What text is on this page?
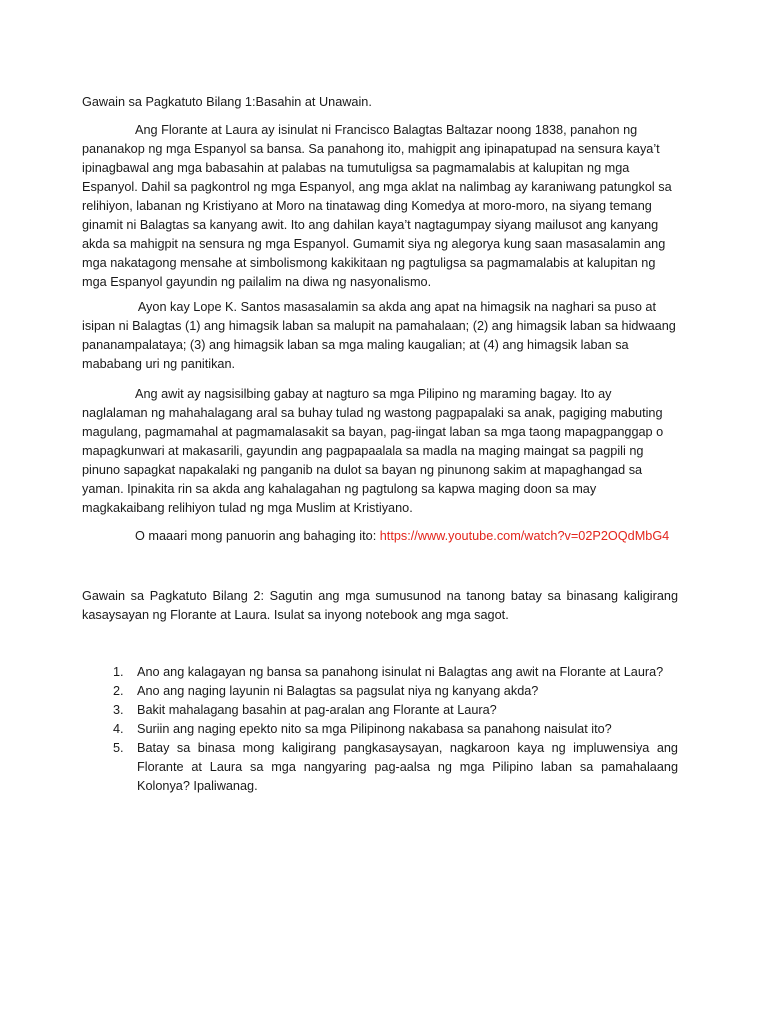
Gawain sa Pagkatuto Bilang 1:Basahin at Unawain.

Ang Florante at Laura ay isinulat ni Francisco Balagtas Baltazar noong 1838, panahon ng pananakop ng mga Espanyol sa bansa. Sa panahong ito, mahigpit ang ipinapatupad na sensura kaya’t ipinagbawal ang mga babasahin at palabas na tumutuligsa sa pagmamalabis at kalupitan ng mga Espanyol. Dahil sa pagkontrol ng mga Espanyol, ang mga aklat na nalimbag ay karaniwang patungkol sa relihiyon, labanan ng Kristiyano at Moro na tinatawag ding Komedya at moro-moro, na siyang temang ginamit ni Balagtas sa kanyang awit. Ito ang dahilan kaya’t nagtagumpay siyang mailusot ang kanyang akda sa mahigpit na sensura ng mga Espanyol. Gumamit siya ng alegorya kung saan masasalamin ang mga nakatagong mensahe at simbolismong kakikitaan ng pagtuligsa sa pagmamalabis at kalupitan ng mga Espanyol gayundin ng pailalim na diwa ng nasyonalismo.

Ayon kay Lope K. Santos masasalamin sa akda ang apat na himagsik na naghari sa puso at isipan ni Balagtas (1) ang himagsik laban sa malupit na pamahalaan; (2) ang himagsik laban sa hidwaang pananampalataya; (3) ang himagsik laban sa mga maling kaugalian; at (4) ang himagsik laban sa mababang uri ng panitikan.

Ang awit ay nagsisilbing gabay at nagturo sa mga Pilipino ng maraming bagay. Ito ay naglalaman ng mahahalagang aral sa buhay tulad ng wastong pagpapalaki sa anak, pagiging mabuting magulang, pagmamahal at pagmamalasakit sa bayan, pag-iingat laban sa mga taong mapagpanggap o mapagkunwari at makasarili, gayundin ang pagpapaalala sa madla na maging maingat sa pagpili ng pinuno sapagkat napakalaki ng panganib na dulot sa bayan ng pinunong sakim at mapaghangad sa yaman. Ipinakita rin sa akda ang kahalagahan ng pagtulong sa kapwa maging doon sa may magkakaibang relihiyon tulad ng mga Muslim at Kristiyano.

O maaari mong panuorin ang bahaging ito: https://www.youtube.com/watch?v=02P2OQdMbG4

Gawain sa Pagkatuto Bilang 2: Sagutin ang mga sumusunod na tanong batay sa binasang kaligirang kasaysayan ng Florante at Laura. Isulat sa inyong notebook ang mga sagot.
1. Ano ang kalagayan ng bansa sa panahong isinulat ni Balagtas ang awit na Florante at Laura?
2. Ano ang naging layunin ni Balagtas sa pagsulat niya ng kanyang akda?
3. Bakit mahalagang basahin at pag-aralan ang Florante at Laura?
4. Suriin ang naging epekto nito sa mga Pilipinong nakabasa sa panahong naisulat ito?
5. Batay sa binasa mong kaligirang pangkasaysayan, nagkaroon kaya ng impluwensiya ang Florante at Laura sa mga nangyaring pag-aalsa ng mga Pilipino laban sa pamahalaang Kolonya? Ipaliwanag.
